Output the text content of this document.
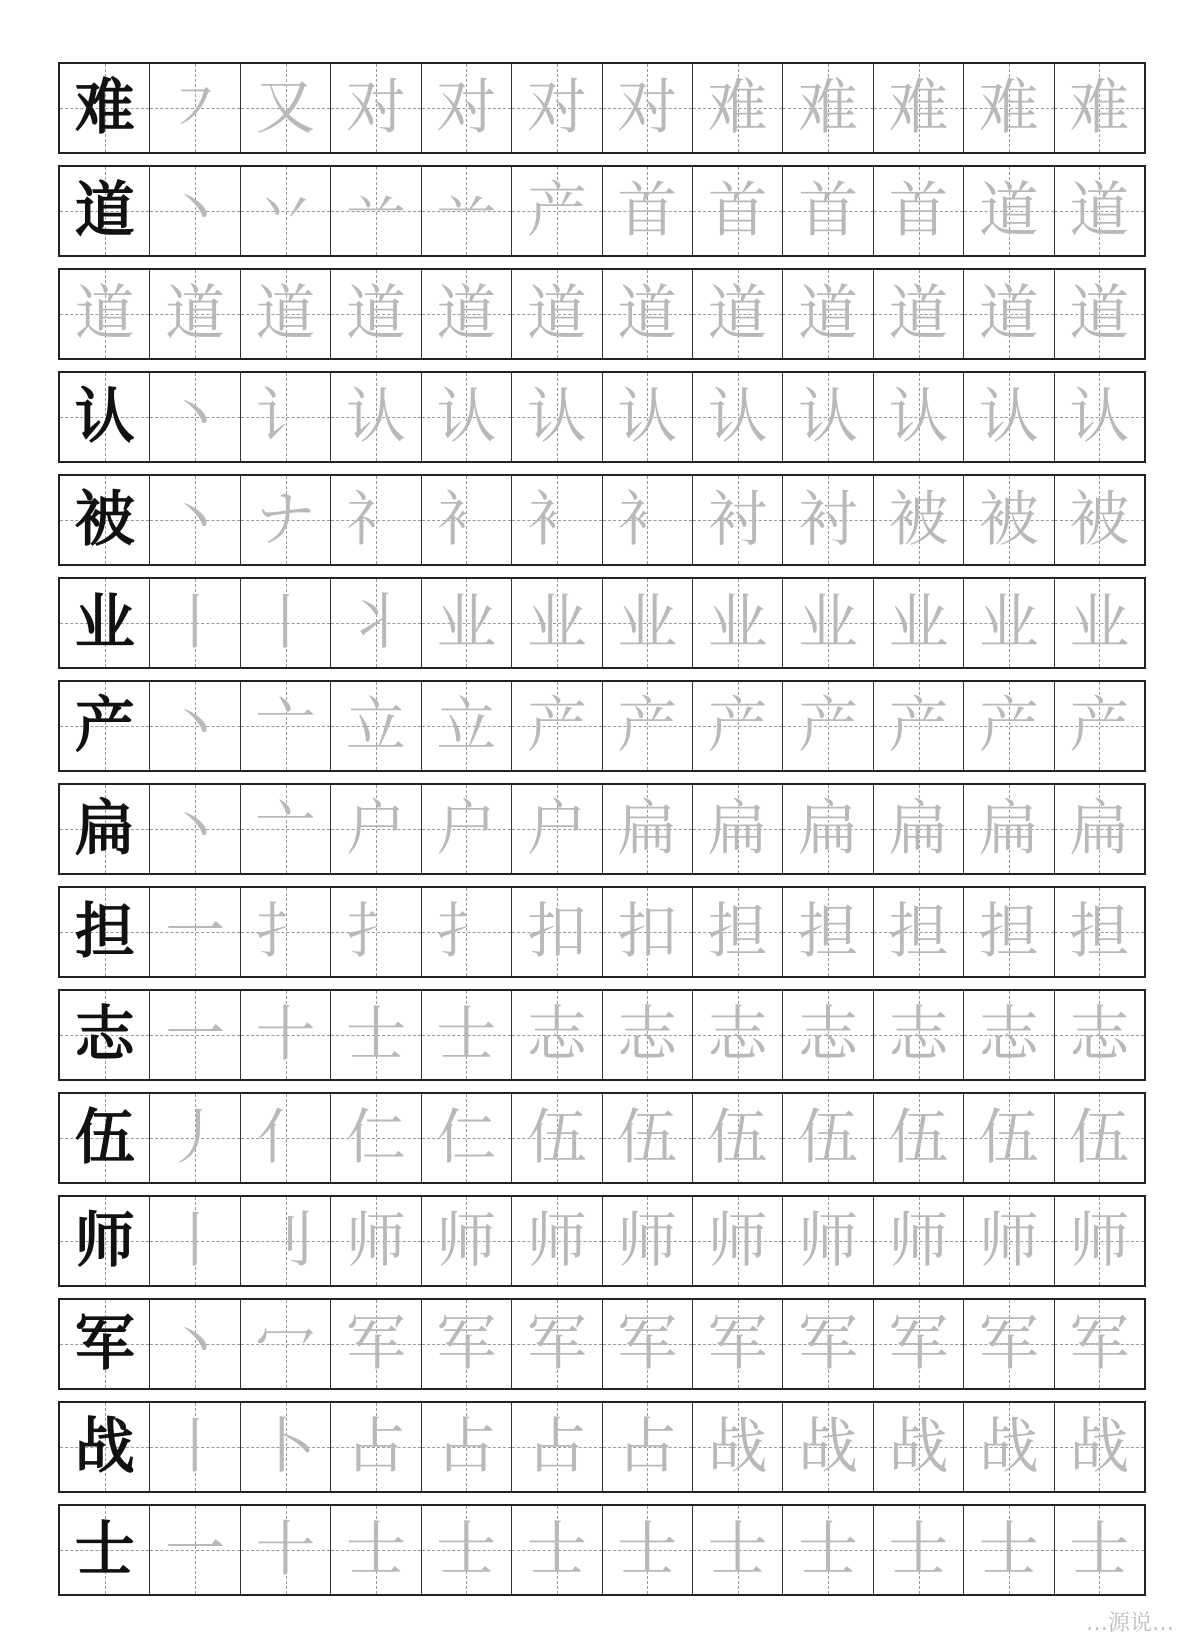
难 ㇇ 又 对 对 对 对 难 难 难 难 难
道 丶 丷 䒑 䒑 产 首 首 首 首 道 道
道 道 道 道 道 道 道 道 道 道 道 道
认 丶 讠 认 认 认 认 认 认 认 认 认
被 丶 ナ 礻 衤 衤 衤 衬 衬 被 被 被
业 丨 丨 丬 业 业 业 业 业 业 业 业
产 丶 亠 立 立 产 产 产 产 产 产 产
扁 丶 亠 户 户 户 扁 扁 扁 扁 扁 扁
担 一 扌 扌 扌 扣 扣 担 担 担 担 担
志 一 十 士 士 志 志 志 志 志 志 志
伍 丿 亻 仁 仁 伍 伍 伍 伍 伍 伍 伍
师 丨 刂 师 师 师 师 师 师 师 师 师
军 丶 冖 军 军 军 军 军 军 军 军 军
战 丨 卜 占 占 占 占 战 战 战 战 战
士 一 十 士 士 士 士 士 士 士 士 士
…源说…
